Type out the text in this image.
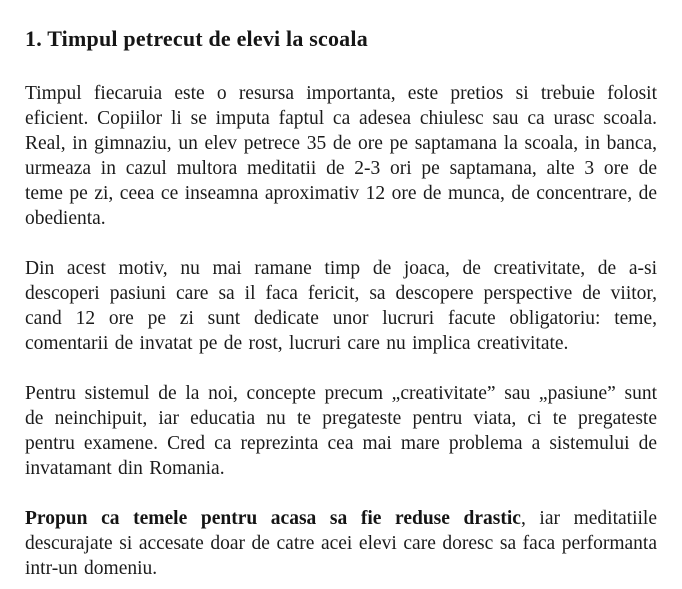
1. Timpul petrecut de elevi la scoala

Timpul fiecaruia este o resursa importanta, este pretios si trebuie folosit eficient. Copiilor li se imputa faptul ca adesea chiulesc sau ca urasc scoala. Real, in gimnaziu, un elev petrece 35 de ore pe saptamana la scoala, in banca, urmeaza in cazul multora meditatii de 2-3 ori pe saptamana, alte 3 ore de teme pe zi, ceea ce inseamna aproximativ 12 ore de munca, de concentrare, de obedienta.

Din acest motiv, nu mai ramane timp de joaca, de creativitate, de a-si descoperi pasiuni care sa il faca fericit, sa descopere perspective de viitor, cand 12 ore pe zi sunt dedicate unor lucruri facute obligatoriu: teme, comentarii de invatat pe de rost, lucruri care nu implica creativitate.

Pentru sistemul de la noi, concepte precum „creativitate” sau „pasiune” sunt de neinchipuit, iar educatia nu te pregateste pentru viata, ci te pregateste pentru examene. Cred ca reprezinta cea mai mare problema a sistemului de invatamant din Romania.

Propun ca temele pentru acasa sa fie reduse drastic, iar meditatiile descurajate si accesate doar de catre acei elevi care doresc sa faca performanta intr-un domeniu.
